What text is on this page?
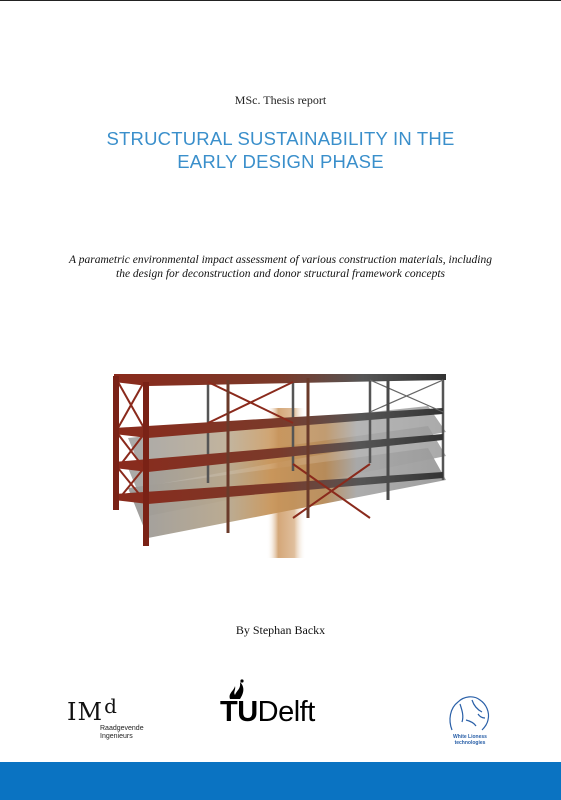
MSc. Thesis report
STRUCTURAL SUSTAINABILITY IN THE
EARLY DESIGN PHASE
A parametric environmental impact assessment of various construction materials, including
the design for deconstruction and donor structural framework concepts
By Stephan Backx
$IM^d$
Raadgevende
Ingenieurs
TUDelft
White Lioness
technologies
